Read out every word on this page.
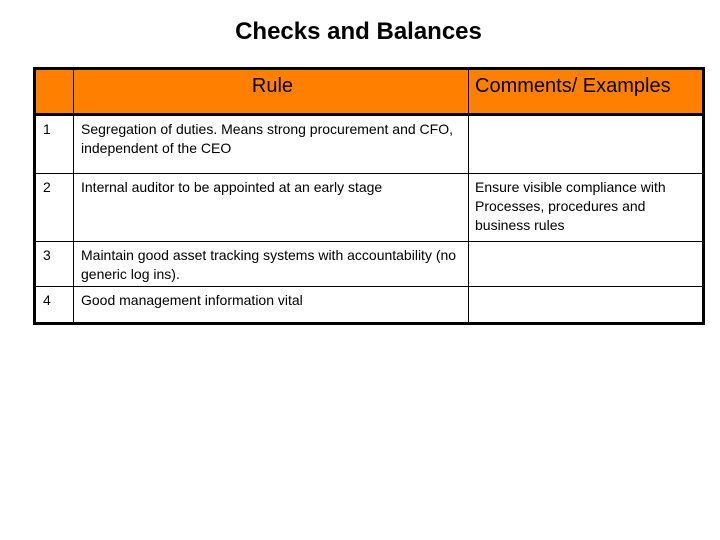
Checks and Balances
	Rule	Comments/ Examples
1	Segregation of duties. Means strong procurement and CFO, independent of the CEO	
2	Internal auditor to be appointed at an early stage	Ensure visible compliance with Processes, procedures and business rules
3	Maintain good asset tracking systems with accountability (no generic log ins).	
4	Good management information vital	
